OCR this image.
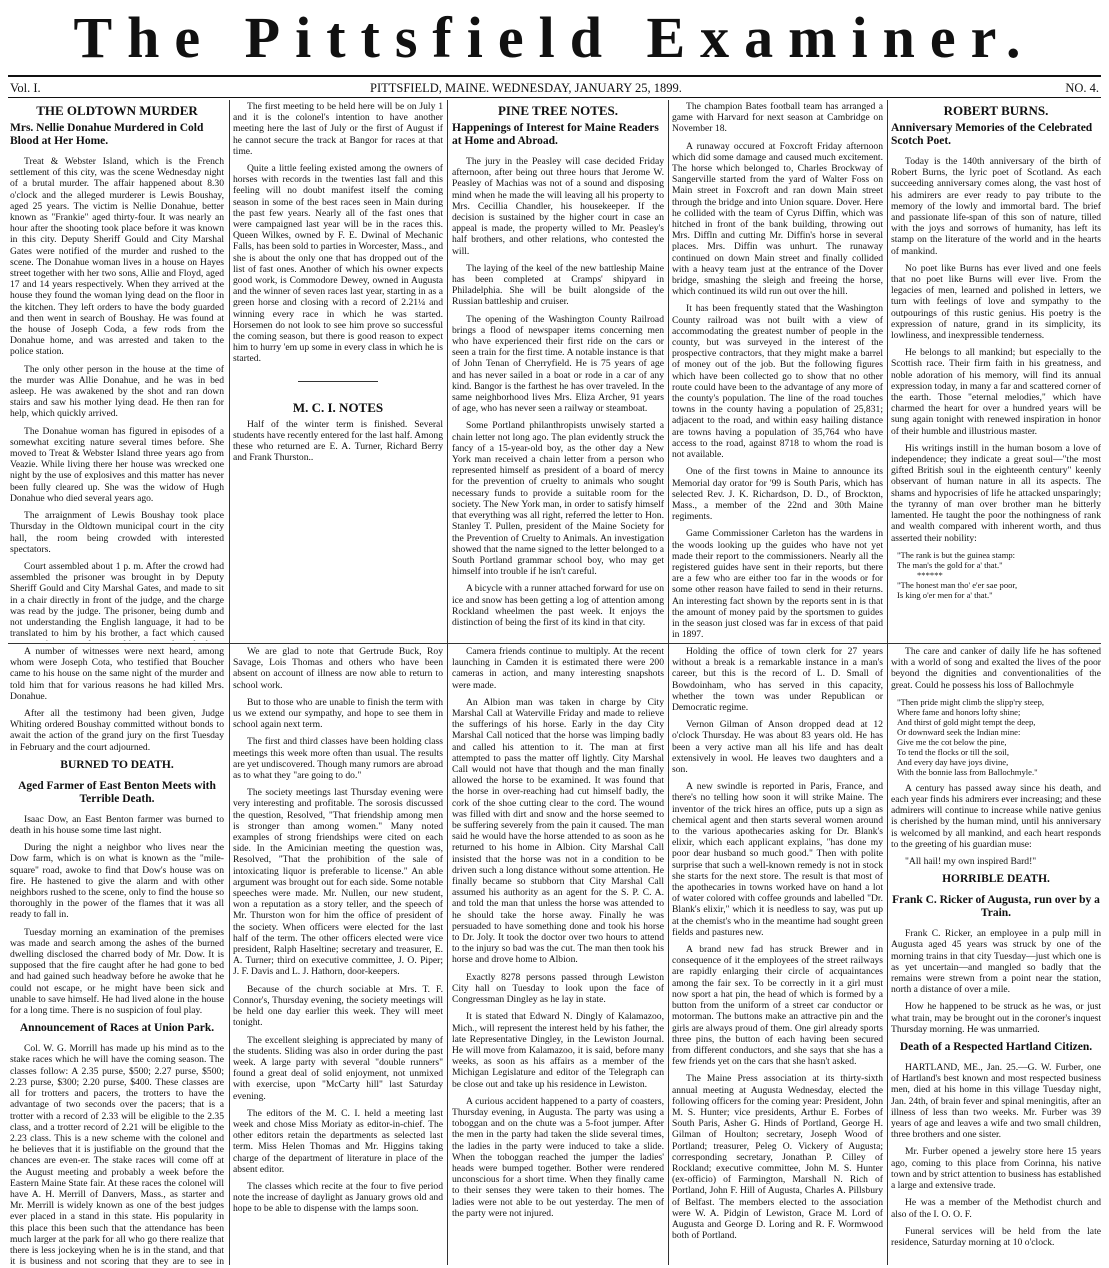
The Pittsfield Examiner.
Vol. I.	PITTSFIELD, MAINE. WEDNESDAY, JANUARY 25, 1899.	NO. 4.
THE OLDTOWN MURDER
Mrs. Nellie Donahue Murdered in Cold Blood at Her Home.

Treat & Webster Island, which is the French settlement of this city, was the scene Wednesday night of a brutal murder. The affair happened about 8.30 o'clock and the alleged murderer is Lewis Boushay, aged 25 years. The victim is Nellie Donahue, better known as "Frankie" aged thirty-four. It was nearly an hour after the shooting took place before it was known in this city. Deputy Sheriff Gould and City Marshal Gates were notified of the murder and rushed to the scene. The Donahue woman lives in a house on Hayes street together with her two sons, Allie and Floyd, aged 17 and 14 years respectively. When they arrived at the house they found the woman lying dead on the floor in the kitchen. They left orders to have the body guarded and then went in search of Boushay. He was found at the house of Joseph Coda, a few rods from the Donahue home, and was arrested and taken to the police station.

The only other person in the house at the time of the murder was Allie Donahue, and he was in bed asleep. He was awakened by the shot and ran down stairs and saw his mother lying dead. He then ran for help, which quickly arrived.

The Donahue woman has figured in episodes of a somewhat exciting nature several times before. She moved to Treat & Webster Island three years ago from Veazie. While living there her house was wrecked one night by the use of explosives and this matter has never been fully cleared up. She was the widow of Hugh Donahue who died several years ago.

The arraignment of Lewis Boushay took place Thursday in the Oldtown municipal court in the city hall, the room being crowded with interested spectators.

Court assembled about 1 p. m. After the crowd had assembled the prisoner was brought in by Deputy Sheriff Gould and City Marshal Gates, and made to sit in a chair directly in front of the judge, and the charge was read by the judge. The prisoner, being dumb and not understanding the English language, it had to be translated to him by his brother, a fact which caused

The first meeting to be held here will be on July 1 and it is the colonel's intention to have another meeting here the last of July or the first of August if he cannot secure the track at Bangor for races at that time.

Quite a little feeling existed among the owners of horses with records in the twenties last fall and this feeling will no doubt manifest itself the coming season in some of the best races seen in Main during the past few years. Nearly all of the fast ones that were campaigned last year will be in the races this. Queen Wilkes, owned by F. E. Dwinal of Mechanic Falls, has been sold to parties in Worcester, Mass., and she is about the only one that has dropped out of the list of fast ones. Another of which his owner expects good work, is Commodore Dewey, owned in Augusta and the winner of seven races last year, starting in as a green horse and closing with a record of 2.21¼ and winning every race in which he was started. Horsemen do not look to see him prove so successful the coming season, but there is good reason to expect him to hurry 'em up some in every class in which he is started.

M. C. I. NOTES

Half of the winter term is finished. Several students have recently entered for the last half. Among these who returned are E. A. Turner, Richard Berry and Frank Thurston..

PINE TREE NOTES.
Happenings of Interest for Maine Readers at Home and Abroad.

The jury in the Peasley will case decided Friday afternoon, after being out three hours that Jerome W. Peasley of Machias was not of a sound and disposing mind when he made the will leaving all his property to Mrs. Cecillia Chandler, his housekeeper. If the decision is sustained by the higher court in case an appeal is made, the property willed to Mr. Peasley's half brothers, and other relations, who contested the will.

The laying of the keel of the new battleship Maine has been completed at Cramps' shipyard in Philadelphia. She will be built alongside of the Russian battleship and cruiser.

The opening of the Washington County Railroad brings a flood of newspaper items concerning men who have experienced their first ride on the cars or seen a train for the first time. A notable instance is that of John Tenan of Cherryfield. He is 75 years of age and has never sailed in a boat or rode in a car of any kind. Bangor is the farthest he has over traveled. In the same neighborhood lives Mrs. Eliza Archer, 91 years of age, who has never seen a railway or steamboat.

Some Portland philanthropists unwisely started a chain letter not long ago. The plan evidently struck the fancy of a 15-year-old boy, as the other day a New York man received a chain letter from a person who represented himself as president of a board of mercy for the prevention of cruelty to animals who sought necessary funds to provide a suitable room for the society. The New York man, in order to satisfy himself that everything was all right, referred the letter to Hon. Stanley T. Pullen, president of the Maine Society for the Prevention of Cruelty to Animals. An investigation showed that the name signed to the letter belonged to a South Portland grammar school boy, who may get himself into trouble if he isn't careful.

A bicycle with a runner attached forward for use on ice and snow has been getting a log of attention among Rockland wheelmen the past week. It enjoys the distinction of being the first of its kind in that city.

The champion Bates football team has arranged a game with Harvard for next season at Cambridge on November 18.

A runaway occured at Foxcroft Friday afternoon which did some damage and caused much excitement. The horse which belonged to, Charles Brockway of Sangerville started from the yard of Walter Foss on Main street in Foxcroft and ran down Main street through the bridge and into Union square. Dover. Here he collided with the team of Cyrus Diffin, which was hitched in front of the bank building, throwing out Mrs. Diffln and cutting Mr. Diffin's horse in several places. Mrs. Diffin was unhurt. The runaway continued on down Main street and finally collided with a heavy team just at the entrance of the Dover bridge, smashing the sleigh and freeing the horse, which continued its wild run out over the hill.

It has been frequently stated that the Washington County railroad was not built with a view of accommodating the greatest number of people in the county, but was surveyed in the interest of the prospective contractors, that they might make a barrel of money out of the job. But the following figures which have been collected go to show that no other route could have been to the advantage of any more of the county's population. The line of the road touches towns in the county having a population of 25,831; adjacent to the road, and within easy hailing distance are towns having a population of 35,764 who have access to the road, against 8718 to whom the road is not available.

One of the first towns in Maine to announce its Memorial day orator for '99 is South Paris, which has selected Rev. J. K. Richardson, D. D., of Brockton, Mass., a member of the 22nd and 30th Maine regiments.

Game Commissioner Carleton has the wardens in the woods looking up the guides who have not yet made their report to the commissioners. Nearly all the registered guides have sent in their reports, but there are a few who are either too far in the woods or for some other reason have failed to send in their returns. An interesting fact shown by the reports sent in is that the amount of money paid by the sportsmen to guides in the season just closed was far in excess of that paid in 1897.

ROBERT BURNS.
Anniversary Memories of the Celebrated Scotch Poet.

Today is the 140th anniversary of the birth of Robert Burns, the lyric poet of Scotland. As each succeeding anniversary comes along, the vast host of his admirers are ever ready to pay tribute to the memory of the lowly and immortal bard. The brief and passionate life-span of this son of nature, tilled with the joys and sorrows of humanity, has left its stamp on the literature of the world and in the hearts of mankind.

No poet like Burns has ever lived and one feels that no poet like Burns will ever live. From the legacies of men, learned and polished in letters, we turn with feelings of love and sympathy to the outpourings of this rustic genius. His poetry is the expression of nature, grand in its simplicity, its lowliness, and inexpressible tenderness.

He belongs to all mankind; but especially to the Scottish race. Their firm faith in his greatness, and noble adoration of his memory, will find its annual expression today, in many a far and scattered corner of the earth. Those "eternal melodies," which have charmed the heart for over a hundred years will be sung again tonight with renewed inspiration in honor of their humble and illustrious master.

His writings instill in the human bosom a love of independence; they indicate a great soul—"the most gifted British soul in the eighteenth century" keenly observant of human nature in all its aspects. The shams and hypocrisies of life he attacked unsparingly; the tyranny of man over brother man he bitterly lamented. He taught the poor the nothingness of rank and wealth compared with inherent worth, and thus asserted their nobility:

"The rank is but the guinea stamp:
The man's the gold for a' that."
******
"The honest man tho' e'er sae poor,
Is king o'er men for a' that."

A number of witnesses were next heard, among whom were Joseph Cota, who testified that Boucher came to his house on the same night of the murder and told him that for various reasons he had killed Mrs. Donahue.

After all the testimony had been given, Judge Whiting ordered Boushay committed without bonds to await the action of the grand jury on the first Tuesday in February and the court adjourned.

BURNED TO DEATH.
Aged Farmer of East Benton Meets with Terrible Death.

Isaac Dow, an East Benton farmer was burned to death in his house some time last night.

During the night a neighbor who lives near the Dow farm, which is on what is known as the "mile-square" road, awoke to find that Dow's house was on fire. He hastened to give the alarm and with other neighbors rushed to the scene, only to find the house so thoroughly in the power of the flames that it was all ready to fall in.

Tuesday morning an examination of the premises was made and search among the ashes of the burned dwelling disclosed the charred body of Mr. Dow. It is supposed that the fire caught after he had gone to bed and had gained such headway before he awoke that he could not escape, or he might have been sick and unable to save himself. He had lived alone in the house for a long time. There is no suspicion of foul play.

Announcement of Races at Union Park.

Col. W. G. Morrill has made up his mind as to the stake races which he will have the coming season. The classes follow: A 2.35 purse, $500; 2.27 purse, $500; 2.23 purse, $300; 2.20 purse, $400. These classes are all for trotters and pacers, the trotters to have the advantage of two seconds over the pacers; that is a trotter with a record of 2.33 will be eligible to the 2.35 class, and a trotter record of 2.21 will be eligible to the 2.23 class. This is a new scheme with the colonel and he believes that it is justifiable on the ground that the chances are even-er. The stake races will come off at the August meeting and probably a week before the Eastern Maine State fair. At these races the colonel will have A. H. Merrill of Danvers, Mass., as starter and Mr. Merrill is widely known as one of the best judges ever placed in a stand in this state. His popularity in this place this been such that the attendance has been much larger at the park for all who go there realize that there is less jockeying when he is in the stand, and that it is business and not scoring that they are to see in

We are glad to note that Gertrude Buck, Roy Savage, Lois Thomas and others who have been absent on account of illness are now able to return to school work.

But to those who are unable to finish the term with us we extend our sympathy, and hope to see them in school again next term.

The first and third classes have been holding class meetings this week more often than usual. The results are yet undiscovered. Though many rumors are abroad as to what they "are going to do."

The society meetings last Thursday evening were very interesting and profitable. The sorosis discussed the question, Resolved, "That friendship among men is stronger than among women." Many noted examples of strong friendships were cited on each side. In the Amicinian meeting the question was, Resolved, "That the prohibition of the sale of intoxicating liquor is preferable to license." An able argument was brought out for each side. Some notable speeches were made. Mr. Nullen, our new student, won a reputation as a story teller, and the speech of Mr. Thurston won for him the office of president of the society. When officers were elected for the last half of the term. The other officers elected were vice president, Ralph Haseltine; secretary and treasurer, E. A. Turner; third on executive committee, J. O. Piper; J. F. Davis and L. J. Hathorn, door-keepers.

Because of the church sociable at Mrs. T. F. Connor's, Thursday evening, the society meetings will be held one day earlier this week. They will meet tonight.

The excellent sleighing is appreciated by many of the students. Sliding was also in order during the past week. A large party with several "double runners" found a great deal of solid enjoyment, not unmixed with exercise, upon "McCarty hill" last Saturday evening.

The editors of the M. C. I. held a meeting last week and chose Miss Moriaty as editor-in-chief. The other editors retain the departments as selected last term. Miss Helen Thomas and Mr. Higgins taking charge of the department of literature in place of the absent editor.

The classes which recite at the four to five period note the increase of daylight as January grows old and hope to be able to dispense with the lamps soon.

Camera friends continue to multiply. At the recent launching in Camden it is estimated there were 200 cameras in action, and many interesting snapshots were made.

An Albion man was taken in charge by City Marshal Call at Waterville Friday and made to relieve the sufferings of his horse. Early in the day City Marshal Call noticed that the horse was limping badly and called his attention to it. The man at first attempted to pass the matter off lightly. City Marshal Call would not have that though and the man finally allowed the horse to be examined. It was found that the horse in over-reaching had cut himself badly, the cork of the shoe cutting clear to the cord. The wound was filled with dirt and snow and the horse seemed to be suffering severely from the pain it caused. The man said he would have the horse attended to as soon as he returned to his home in Albion. City Marshal Call insisted that the horse was not in a condition to be driven such a long distance without some attention. He finally became so stubborn that City Marshal Call assumed his authority as an agent for the S. P. C. A. and told the man that unless the horse was attended to he should take the horse away. Finally he was persuaded to have something done and took his horse to Dr. Joly. It took the doctor over two hours to attend to the injury so bad was the cut. The man then took his horse and drove home to Albion.

Exactly 8278 persons passed through Lewiston City hall on Tuesday to look upon the face of Congressman Dingley as he lay in state.

It is stated that Edward N. Dingly of Kalamazoo, Mich., will represent the interest held by his father, the late Representative Dingley, in the Lewiston Journal. He will move from Kalamazoo, it is said, before many weeks, as soon as his affairs as a member of the Michigan Legislature and editor of the Telegraph can be close out and take up his residence in Lewiston.

A curious accident happened to a party of coasters, Thursday evening, in Augusta. The party was using a toboggan and on the chute was a 5-foot jumper. After the men in the party had taken the slide several times, the ladies in the party were induced to take a slide. When the toboggan reached the jumper the ladies' heads were bumped together. Bother were rendered unconscious for a short time. When they finally came to their senses they were taken to their homes. The ladies were not able to be out yesterday. The men of the party were not injured.

Holding the office of town clerk for 27 years without a break is a remarkable instance in a man's career, but this is the record of L. D. Small of Bowdoinham, who has served in this capacity, whether the town was under Republican or Democratic regime.

Vernon Gilman of Anson dropped dead at 12 o'clock Thursday. He was about 83 years old. He has been a very active man all his life and has dealt extensively in wool. He leaves two daughters and a son.

A new swindle is reported in Paris, France, and there's no telling how soon it will strike Maine. The inventor of the trick hires an office, puts up a sign as chemical agent and then starts several women around to the various apothecaries asking for Dr. Blank's elixir, which each applicant explains, "has done my poor dear husband so much good." Then with polite surprise that such a well-known remedy is not in stock she starts for the next store. The result is that most of the apothecaries in towns worked have on hand a lot of water colored with coffee grounds and labelled "Dr. Blank's elixir," which it is needless to say, was put up at the chemist's who in the meantime had sought green fields and pastures new.

A brand new fad has struck Brewer and in consequence of it the employees of the street railways are rapidly enlarging their circle of acquaintances among the fair sex. To be correctly in it a girl must now sport a hat pin, the head of which is formed by a button from the uniform of a street car conductor or motorman. The buttons make an attractive pin and the girls are always proud of them. One girl already sports three pins, the button of each having been secured from different conductors, and she says that she has a few friends yet on the cars that she hasn't asked.

The Maine Press association at its thirty-sixth annual meeting at Augusta Wednesday, elected the following officers for the coming year: President, John M. S. Hunter; vice presidents, Arthur E. Forbes of South Paris, Asher G. Hinds of Portland, George H. Gilman of Houlton; secretary, Joseph Wood of Portland; treasurer, Peleg O. Vickery of Augusta; corresponding secretary, Jonathan P. Cilley of Rockland; executive committee, John M. S. Hunter (ex-officio) of Farmington, Marshall N. Rich of Portland, John F. Hill of Augusta, Charles A. Pillsbury of Belfast. The members elected to the association were W. A. Pidgin of Lewiston, Grace M. Lord of Augusta and George D. Loring and R. F. Wormwood both of Portland.

The care and canker of daily life he has softened with a world of song and exalted the lives of the poor beyond the dignities and conventionalities of the great. Could he possess his loss of Ballochmyle

"Then pride might climb the slipp'ry steep,
Where fame and honors lofty shine;
And thirst of gold might tempt the deep,
Or downward seek the Indian mine:
Give me the cot below the pine,
To tend the flocks or till the soil,
And every day have joys divine,
With the bonnie lass from Ballochmyle."

A century has passed away since his death, and each year finds his admirers ever increasing; and these admirers will continue to increase while native genius is cherished by the human mind, until his anniversary is welcomed by all mankind, and each heart responds to the greeting of his guardian muse:

"All hail! my own inspired Bard!"

HORRIBLE DEATH.
Frank C. Ricker of Augusta, run over by a Train.

Frank C. Ricker, an employee in a pulp mill in Augusta aged 45 years was struck by one of the morning trains in that city Tuesday—just which one is as yet uncertain—and mangled so badly that the remains were strewn from a point near the station, north a distance of over a mile.

How he happened to be struck as he was, or just what train, may be brought out in the coroner's inquest Thursday morning. He was unmarried.

Death of a Respected Hartland Citizen.

HARTLAND, ME., Jan. 25.—G. W. Furber, one of Hartland's best known and most respected business men, died at his home in this village Tuesday night, Jan. 24th, of brain fever and spinal meningitis, after an illness of less than two weeks. Mr. Furber was 39 years of age and leaves a wife and two small children, three brothers and one sister.

Mr. Furber opened a jewelry store here 15 years ago, coming to this place from Corinna, his native town and by strict attention to business has established a large and extensive trade.

He was a member of the Methodist church and also of the I. O. O. F.

Funeral services will be held from the late residence, Saturday morning at 10 o'clock.
